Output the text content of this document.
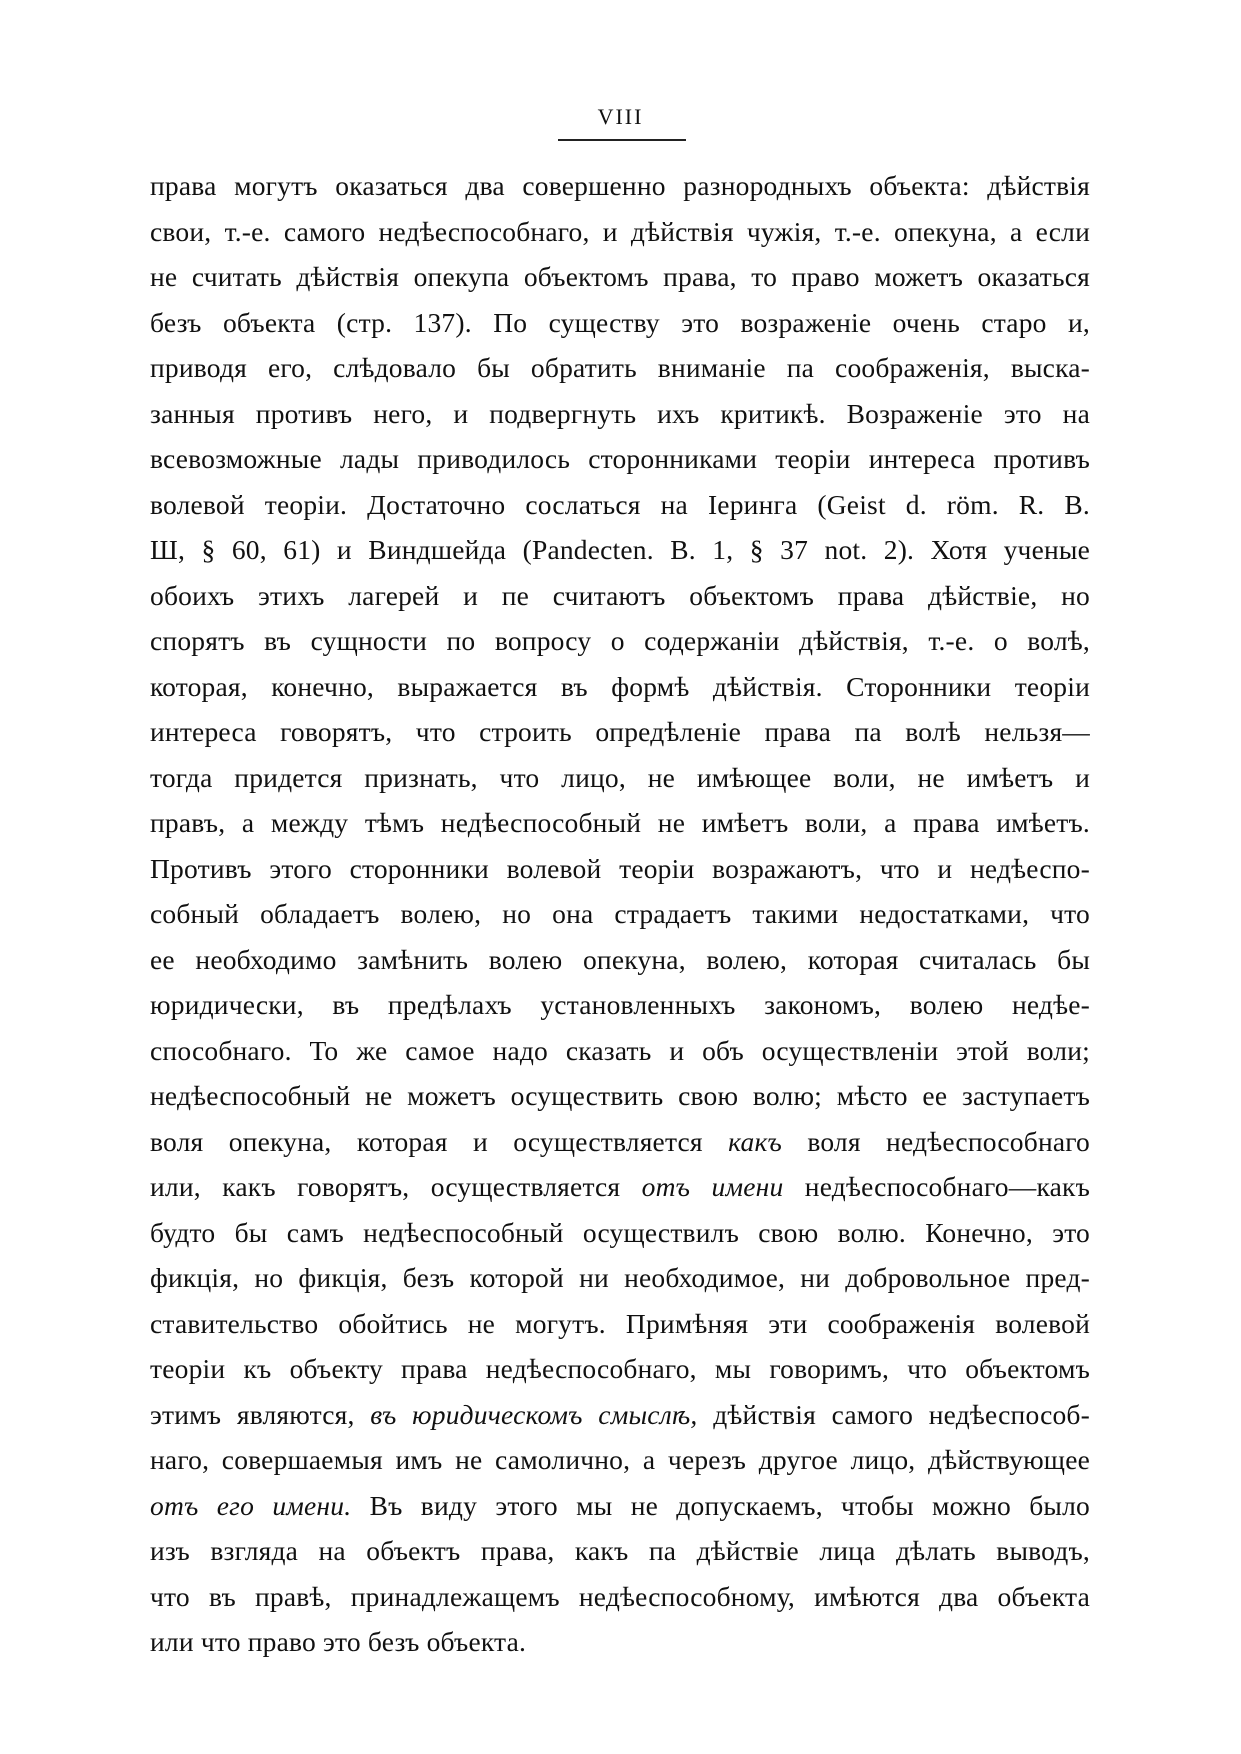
VIII
права могутъ оказаться два совершенно разнородныхъ объекта: дѣйствія
свои, т.-е. самого недѣеспособнаго, и дѣйствія чужія, т.-е. опекуна, а если
не считать дѣйствія опекупа объектомъ права, то право можетъ оказаться
безъ объекта (стр. 137). По существу это возраженіе очень старо и,
приводя его, слѣдовало бы обратить вниманіе па соображенія, выска-
занныя противъ него, и подвергнуть ихъ критикѣ. Возраженіе это на
всевозможные лады приводилось сторонниками теоріи интереса противъ
волевой теоріи. Достаточно сослаться на Іеринга (Geist d. röm. R. B.
Ш, § 60, 61) и Виндшейда (Pandecten. B. 1, § 37 not. 2). Хотя ученые
обоихъ этихъ лагерей и пе считаютъ объектомъ права дѣйствіе, но
спорятъ въ сущности по вопросу о содержаніи дѣйствія, т.-е. о волѣ,
которая, конечно, выражается въ формѣ дѣйствія. Сторонники теоріи
интереса говорятъ, что строить опредѣленіе права па волѣ нельзя—
тогда придется признать, что лицо, не имѣющее воли, не имѣетъ и
правъ, а между тѣмъ недѣеспособный не имѣетъ воли, а права имѣетъ.
Противъ этого сторонники волевой теоріи возражаютъ, что и недѣеспо-
собный обладаетъ волею, но она страдаетъ такими недостатками, что
ее необходимо замѣнить волею опекуна, волею, которая считалась бы
юридически, въ предѣлахъ установленныхъ закономъ, волею недѣе-
способнаго. То же самое надо сказать и объ осуществленіи этой воли;
недѣеспособный не можетъ осуществить свою волю; мѣсто ее заступаетъ
воля опекуна, которая и осуществляется какъ воля недѣеспособнаго
или, какъ говорятъ, осуществляется отъ имени недѣеспособнаго—какъ
будто бы самъ недѣеспособный осуществилъ свою волю. Конечно, это
фикція, но фикція, безъ которой ни необходимое, ни добровольное пред-
ставительство обойтись не могутъ. Примѣняя эти соображенія волевой
теоріи къ объекту права недѣеспособнаго, мы говоримъ, что объектомъ
этимъ являются, въ юридическомъ смыслѣ, дѣйствія самого недѣеспособ-
наго, совершаемыя имъ не самолично, а черезъ другое лицо, дѣйствующее
отъ его имени. Въ виду этого мы не допускаемъ, чтобы можно было
изъ взгляда на объектъ права, какъ па дѣйствіе лица дѣлать выводъ,
что въ правѣ, принадлежащемъ недѣеспособному, имѣются два объекта
или что право это безъ объекта.
